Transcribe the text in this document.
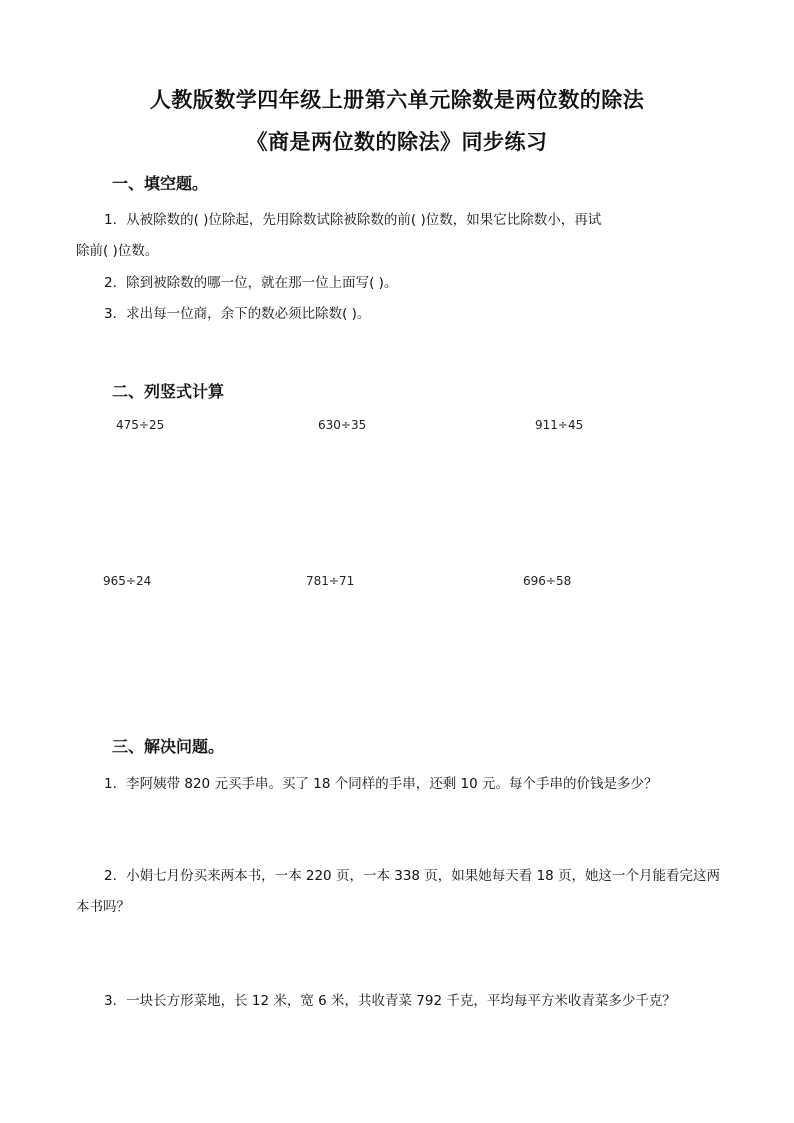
人教版数学四年级上册第六单元除数是两位数的除法
《商是两位数的除法》同步练习
一、填空题。
1．从被除数的( )位除起，先用除数试除被除数的前( )位数，如果它比除数小，再试
除前( )位数。
2．除到被除数的哪一位，就在那一位上面写( )。
3．求出每一位商，余下的数必须比除数( )。
二、列竖式计算
475÷25	630÷35	911÷45
965÷24	781÷71	696÷58
三、解决问题。
1．李阿姨带 820 元买手串。买了 18 个同样的手串，还剩 10 元。每个手串的价钱是多少？
2．小娟七月份买来两本书，一本 220 页，一本 338 页，如果她每天看 18 页，她这一个月能看完这两
本书吗？
3．一块长方形菜地，长 12 米，宽 6 米，共收青菜 792 千克，平均每平方米收青菜多少千克？
